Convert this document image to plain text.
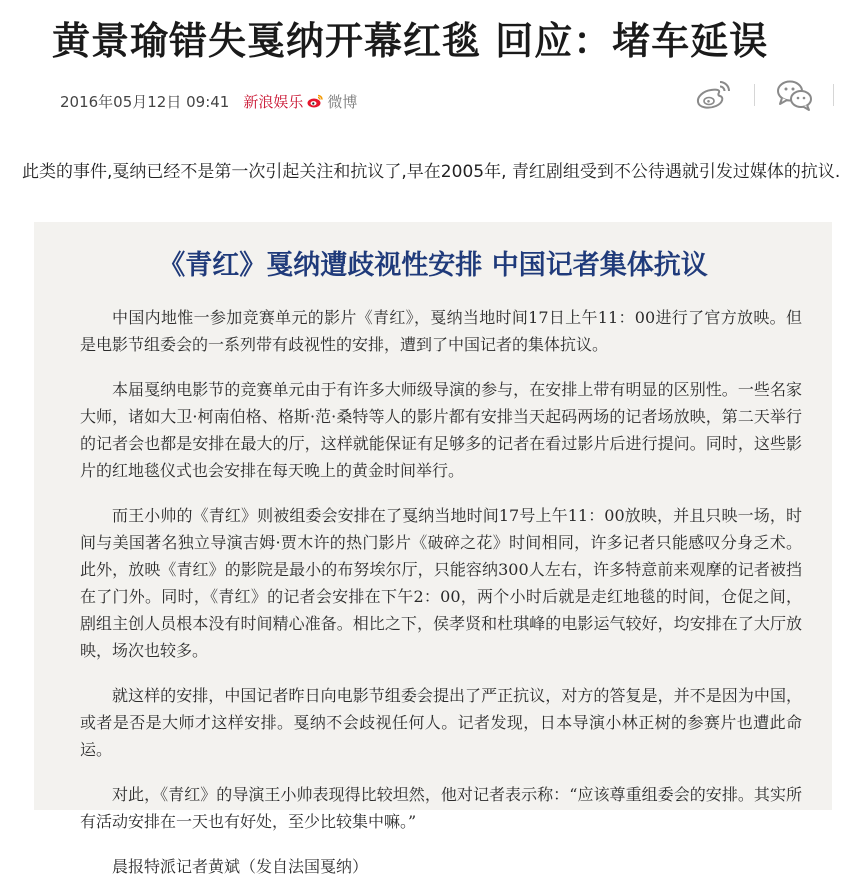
黄景瑜错失戛纳开幕红毯 回应：堵车延误
2016年05月12日 09:41 新浪娱乐 微博

此类的事件,戛纳已经不是第一次引起关注和抗议了,早在2005年, 青红剧组受到不公待遇就引发过媒体的抗议.

《青红》戛纳遭歧视性安排 中国记者集体抗议

中国内地惟一参加竞赛单元的影片《青红》，戛纳当地时间17日上午11：00进行了官方放映。但是电影节组委会的一系列带有歧视性的安排，遭到了中国记者的集体抗议。

本届戛纳电影节的竞赛单元由于有许多大师级导演的参与，在安排上带有明显的区别性。一些名家大师，诸如大卫·柯南伯格、格斯·范·桑特等人的影片都有安排当天起码两场的记者场放映，第二天举行的记者会也都是安排在最大的厅，这样就能保证有足够多的记者在看过影片后进行提问。同时，这些影片的红地毯仪式也会安排在每天晚上的黄金时间举行。

而王小帅的《青红》则被组委会安排在了戛纳当地时间17号上午11：00放映，并且只映一场，时间与美国著名独立导演吉姆·贾木许的热门影片《破碎之花》时间相同，许多记者只能感叹分身乏术。此外，放映《青红》的影院是最小的布努埃尔厅，只能容纳300人左右，许多特意前来观摩的记者被挡在了门外。同时，《青红》的记者会安排在下午2：00，两个小时后就是走红地毯的时间，仓促之间，剧组主创人员根本没有时间精心准备。相比之下，侯孝贤和杜琪峰的电影运气较好，均安排在了大厅放映，场次也较多。

就这样的安排，中国记者昨日向电影节组委会提出了严正抗议，对方的答复是，并不是因为中国，或者是否是大师才这样安排。戛纳不会歧视任何人。记者发现，日本导演小林正树的参赛片也遭此命运。

对此，《青红》的导演王小帅表现得比较坦然，他对记者表示称：“应该尊重组委会的安排。其实所有活动安排在一天也有好处，至少比较集中嘛。”

晨报特派记者黄斌（发自法国戛纳）
